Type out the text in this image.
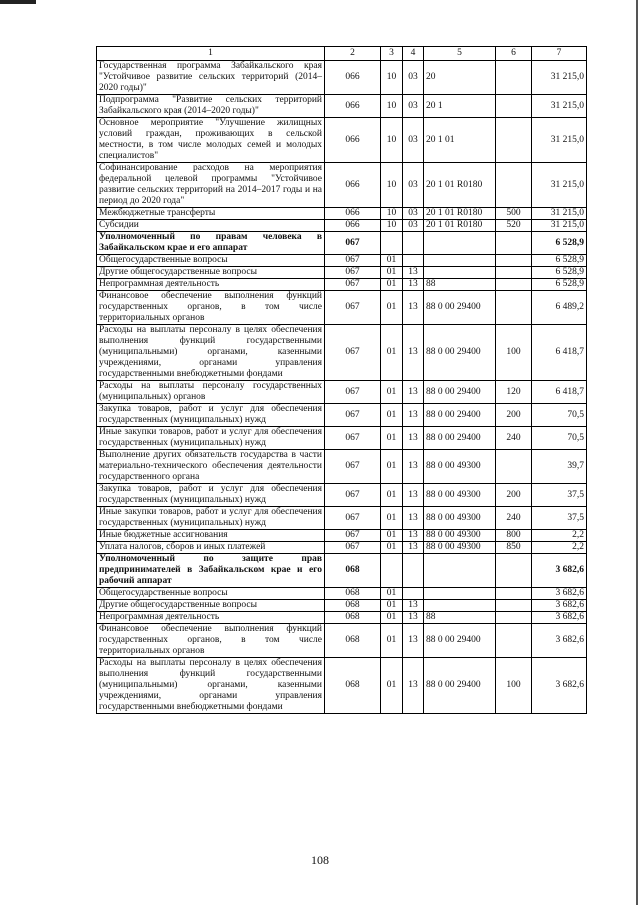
1	2	3	4	5	6	7
Государственная программа Забайкальского края "Устойчивое развитие сельских территорий (2014–2020 годы)"	066	10	03	20		31 215,0
Подпрограмма "Развитие сельских территорий Забайкальского края (2014–2020 годы)"	066	10	03	20 1		31 215,0
Основное мероприятие "Улучшение жилищных условий граждан, проживающих в сельской местности, в том числе молодых семей и молодых специалистов"	066	10	03	20 1 01		31 215,0
Софинансирование расходов на мероприятия федеральной целевой программы "Устойчивое развитие сельских территорий на 2014–2017 годы и на период до 2020 года"	066	10	03	20 1 01 R0180		31 215,0
Межбюджетные трансферты	066	10	03	20 1 01 R0180	500	31 215,0
Субсидии	066	10	03	20 1 01 R0180	520	31 215,0
Уполномоченный по правам человека в Забайкальском крае и его аппарат	067					6 528,9
Общегосударственные вопросы	067	01				6 528,9
Другие общегосударственные вопросы	067	01	13			6 528,9
Непрограммная деятельность	067	01	13	88		6 528,9
Финансовое обеспечение выполнения функций государственных органов, в том числе территориальных органов	067	01	13	88 0 00 29400		6 489,2
Расходы на выплаты персоналу в целях обеспечения выполнения функций государственными (муниципальными) органами, казенными учреждениями, органами управления государственными внебюджетными фондами	067	01	13	88 0 00 29400	100	6 418,7
Расходы на выплаты персоналу государственных (муниципальных) органов	067	01	13	88 0 00 29400	120	6 418,7
Закупка товаров, работ и услуг для обеспечения государственных (муниципальных) нужд	067	01	13	88 0 00 29400	200	70,5
Иные закупки товаров, работ и услуг для обеспечения государственных (муниципальных) нужд	067	01	13	88 0 00 29400	240	70,5
Выполнение других обязательств государства в части материально-технического обеспечения деятельности государственного органа	067	01	13	88 0 00 49300		39,7
Закупка товаров, работ и услуг для обеспечения государственных (муниципальных) нужд	067	01	13	88 0 00 49300	200	37,5
Иные закупки товаров, работ и услуг для обеспечения государственных (муниципальных) нужд	067	01	13	88 0 00 49300	240	37,5
Иные бюджетные ассигнования	067	01	13	88 0 00 49300	800	2,2
Уплата налогов, сборов и иных платежей	067	01	13	88 0 00 49300	850	2,2
Уполномоченный по защите прав предпринимателей в Забайкальском крае и его рабочий аппарат	068					3 682,6
Общегосударственные вопросы	068	01				3 682,6
Другие общегосударственные вопросы	068	01	13			3 682,6
Непрограммная деятельность	068	01	13	88		3 682,6
Финансовое обеспечение выполнения функций государственных органов, в том числе территориальных органов	068	01	13	88 0 00 29400		3 682,6
Расходы на выплаты персоналу в целях обеспечения выполнения функций государственными (муниципальными) органами, казенными учреждениями, органами управления государственными внебюджетными фондами	068	01	13	88 0 00 29400	100	3 682,6
108
